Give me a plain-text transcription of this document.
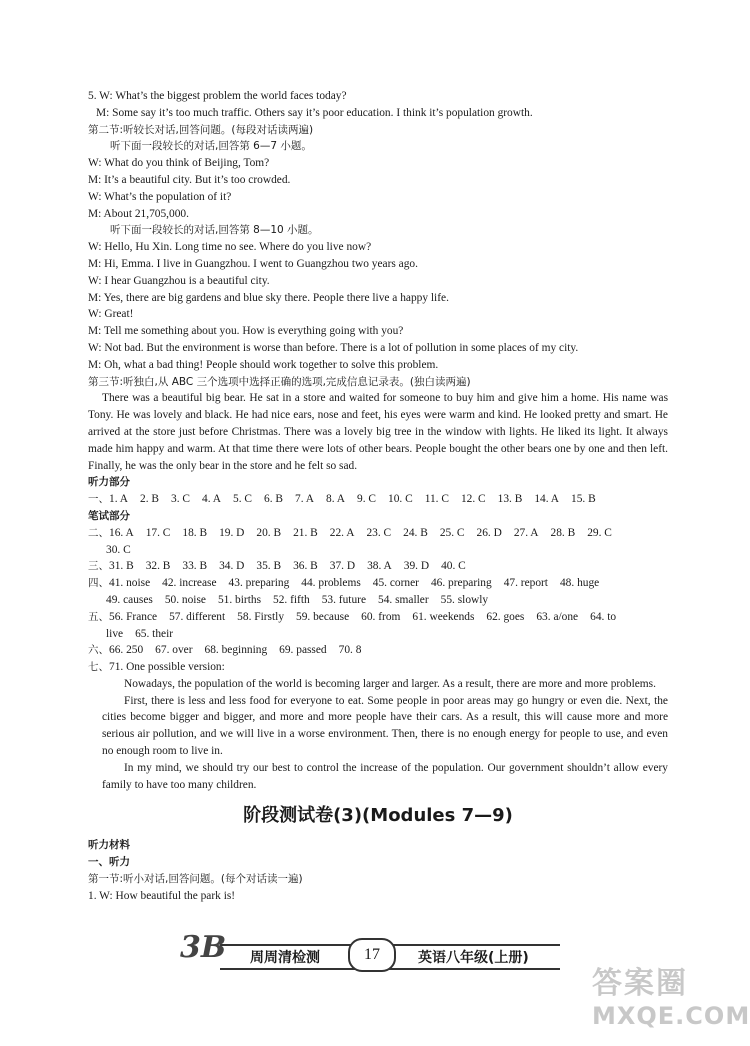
5. W: What’s the biggest problem the world faces today?
M: Some say it’s too much traffic. Others say it’s poor education. I think it’s population growth.
第二节:听较长对话,回答问题。(每段对话读两遍)
听下面一段较长的对话,回答第 6—7 小题。
W: What do you think of Beijing, Tom?
M: It’s a beautiful city. But it’s too crowded.
W: What’s the population of it?
M: About 21,705,000.
听下面一段较长的对话,回答第 8—10 小题。
W: Hello, Hu Xin. Long time no see. Where do you live now?
M: Hi, Emma. I live in Guangzhou. I went to Guangzhou two years ago.
W: I hear Guangzhou is a beautiful city.
M: Yes, there are big gardens and blue sky there. People there live a happy life.
W: Great!
M: Tell me something about you. How is everything going with you?
W: Not bad. But the environment is worse than before. There is a lot of pollution in some places of my city.
M: Oh, what a bad thing! People should work together to solve this problem.
第三节:听独白,从 ABC 三个选项中选择正确的选项,完成信息记录表。(独白读两遍)
There was a beautiful big bear. He sat in a store and waited for someone to buy him and give him a home. His name was Tony. He was lovely and black. He had nice ears, nose and feet, his eyes were warm and kind. He looked pretty and smart. He arrived at the store just before Christmas. There was a lovely big tree in the window with lights. He liked its light. It always made him happy and warm. At that time there were lots of other bears. People bought the other bears one by one and then left. Finally, he was the only bear in the store and he felt so sad.
听力部分
一、1. A 2. B 3. C 4. A 5. C 6. B 7. A 8. A 9. C 10. C 11. C 12. C 13. B 14. A 15. B
笔试部分
二、16. A 17. C 18. B 19. D 20. B 21. B 22. A 23. C 24. B 25. C 26. D 27. A 28. B 29. C
30. C
三、31. B 32. B 33. B 34. D 35. B 36. B 37. D 38. A 39. D 40. C
四、41. noise 42. increase 43. preparing 44. problems 45. corner 46. preparing 47. report 48. huge
49. causes 50. noise 51. births 52. fifth 53. future 54. smaller 55. slowly
五、56. France 57. different 58. Firstly 59. because 60. from 61. weekends 62. goes 63. a/one 64. to
live 65. their
六、66. 250 67. over 68. beginning 69. passed 70. 8
七、71. One possible version:
Nowadays, the population of the world is becoming larger and larger. As a result, there are more and more problems.
First, there is less and less food for everyone to eat. Some people in poor areas may go hungry or even die. Next, the cities become bigger and bigger, and more and more people have their cars. As a result, this will cause more and more serious air pollution, and we will live in a worse environment. Then, there is no enough energy for people to use, and even no enough room to live in.
In my mind, we should try our best to control the increase of the population. Our government shouldn’t allow every family to have too many children.
阶段测试卷(3)(Modules 7—9)
听力材料
一、听力
第一节:听小对话,回答问题。(每个对话读一遍)
1. W: How beautiful the park is!
3B 周周清检测	17	英语八年级(上册)
答案圈
MXQE.COM
